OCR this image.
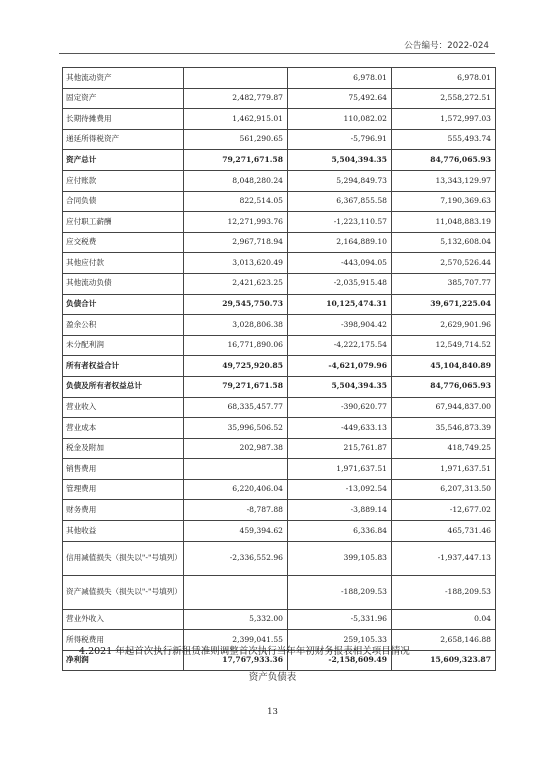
公告编号：2022-024
其他流动资产		6,978.01	6,978.01
固定资产	2,482,779.87	75,492.64	2,558,272.51
长期待摊费用	1,462,915.01	110,082.02	1,572,997.03
递延所得税资产	561,290.65	-5,796.91	555,493.74
资产总计	79,271,671.58	5,504,394.35	84,776,065.93
应付账款	8,048,280.24	5,294,849.73	13,343,129.97
合同负债	822,514.05	6,367,855.58	7,190,369.63
应付职工薪酬	12,271,993.76	-1,223,110.57	11,048,883.19
应交税费	2,967,718.94	2,164,889.10	5,132,608.04
其他应付款	3,013,620.49	-443,094.05	2,570,526.44
其他流动负债	2,421,623.25	-2,035,915.48	385,707.77
负债合计	29,545,750.73	10,125,474.31	39,671,225.04
盈余公积	3,028,806.38	-398,904.42	2,629,901.96
未分配利润	16,771,890.06	-4,222,175.54	12,549,714.52
所有者权益合计	49,725,920.85	-4,621,079.96	45,104,840.89
负债及所有者权益总计	79,271,671.58	5,504,394.35	84,776,065.93
营业收入	68,335,457.77	-390,620.77	67,944,837.00
营业成本	35,996,506.52	-449,633.13	35,546,873.39
税金及附加	202,987.38	215,761.87	418,749.25
销售费用		1,971,637.51	1,971,637.51
管理费用	6,220,406.04	-13,092.54	6,207,313.50
财务费用	-8,787.88	-3,889.14	-12,677.02
其他收益	459,394.62	6,336.84	465,731.46
信用减值损失（损失以"-"号填列）	-2,336,552.96	399,105.83	-1,937,447.13
资产减值损失（损失以"-"号填列）		-188,209.53	-188,209.53
营业外收入	5,332.00	-5,331.96	0.04
所得税费用	2,399,041.55	259,105.33	2,658,146.88
净利润	17,767,933.36	-2,158,609.49	15,609,323.87
4.2021 年起首次执行新租赁准则调整首次执行当年年初财务报表相关项目情况
资产负债表
13
